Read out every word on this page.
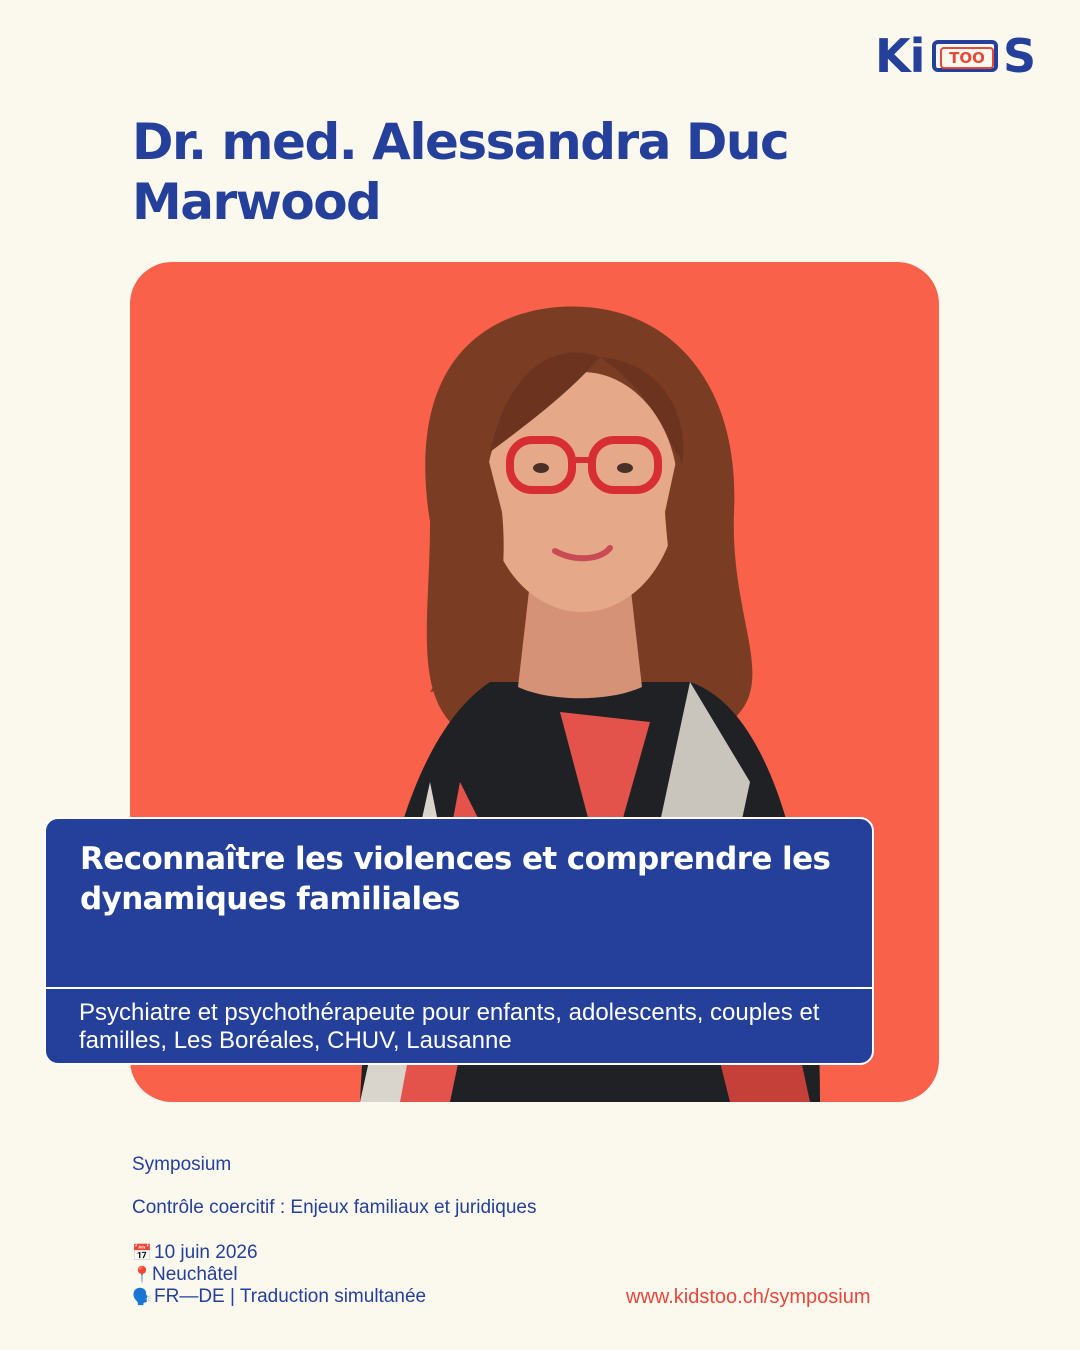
Ki	TOO S
Dr. med. Alessandra Duc Marwood
Reconnaître les violences et comprendre les dynamiques familiales
Psychiatre et psychothérapeute pour enfants, adolescents, couples et familles, Les Boréales, CHUV, Lausanne
Symposium
Contrôle coercitif : Enjeux familiaux et juridiques
📅 10 juin 2026
📍Neuchâtel
🗣️ FR—DE | Traduction simultanée	www.kidstoo.ch/symposium
